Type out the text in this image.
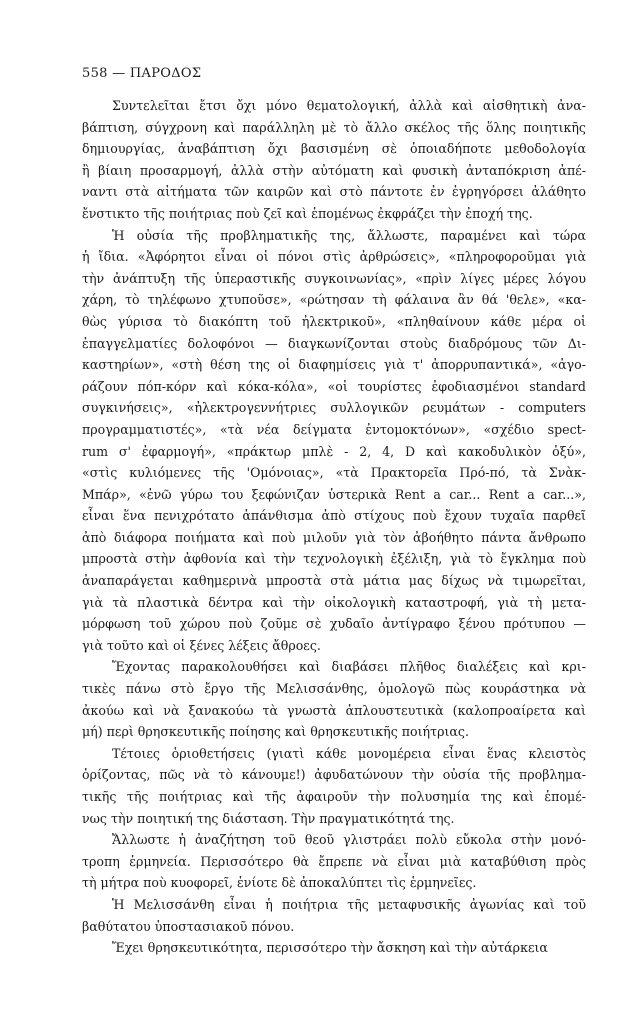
558 — ΠΑΡΟΔΟΣ
Συντελεῖται ἔτσι ὄχι μόνο θεματολογική, ἀλλὰ καὶ αἰσθητικὴ ἀνα-
βάπτιση, σύγχρονη καὶ παράλληλη μὲ τὸ ἄλλο σκέλος τῆς ὅλης ποιητικῆς
δημιουργίας, ἀναβάπτιση ὄχι βασισμένη σὲ ὁποιαδήποτε μεθοδολογία
ἢ βίαιη προσαρμογή, ἀλλὰ στὴν αὐτόματη καὶ φυσικὴ ἀνταπόκριση ἀπέ-
ναντι στὰ αἰτήματα τῶν καιρῶν καὶ στὸ πάντοτε ἐν ἐγρηγόρσει ἀλάθητο
ἔνστικτο τῆς ποιήτριας ποὺ ζεῖ καὶ ἑπομένως ἐκφράζει τὴν ἐποχή της.
Ἡ οὐσία τῆς προβληματικῆς της, ἄλλωστε, παραμένει καὶ τώρα
ἡ ἴδια. «Ἀφόρητοι εἶναι οἱ πόνοι στὶς ἀρθρώσεις», «πληροφοροῦμαι γιὰ
τὴν ἀνάπτυξη τῆς ὑπεραστικῆς συγκοινωνίας», «πρὶν λίγες μέρες λόγου
χάρη, τὸ τηλέφωνο χτυποῦσε», «ρώτησαν τὴ φάλαινα ἂν θά 'θελε», «κα-
θὼς γύρισα τὸ διακόπτη τοῦ ἠλεκτρικοῦ», «πληθαίνουν κάθε μέρα οἱ
ἐπαγγελματίες δολοφόνοι — διαγκωνίζονται στοὺς διαδρόμους τῶν Δι-
καστηρίων», «στὴ θέση της οἱ διαφημίσεις γιὰ τ' ἀπορρυπαντικά», «ἀγο-
ράζουν πόπ-κόρν καὶ κόκα-κόλα», «οἱ τουρίστες ἐφοδιασμένοι standard
συγκινήσεις», «ἠλεκτρογεννήτριες συλλογικῶν ρευμάτων - computers
προγραμματιστές», «τὰ νέα δείγματα ἐντομοκτόνων», «σχέδιο spect-
rum σ' ἐφαρμογή», «πράκτωρ μπλὲ - 2, 4, D καὶ κακοδυλικὸν ὀξύ»,
«στὶς κυλιόμενες τῆς 'Ομόνοιας», «τὰ Πρακτορεῖα Πρό-πό, τὰ Σνὰκ-
Μπάρ», «ἐνῶ γύρω του ξεφώνιζαν ὑστερικὰ Rent a car... Rent a car...»,
εἶναι ἕνα πενιχρότατο ἀπάνθισμα ἀπὸ στίχους ποὺ ἔχουν τυχαῖα παρθεῖ
ἀπὸ διάφορα ποιήματα καὶ ποὺ μιλοῦν γιὰ τὸν ἀβοήθητο πάντα ἄνθρωπο
μπροστὰ στὴν ἀφθονία καὶ τὴν τεχνολογικὴ ἐξέλιξη, γιὰ τὸ ἔγκλημα ποὺ
ἀναπαράγεται καθημερινὰ μπροστὰ στὰ μάτια μας δίχως νὰ τιμωρεῖται,
γιὰ τὰ πλαστικὰ δέντρα καὶ τὴν οἰκολογικὴ καταστροφή, γιὰ τὴ μετα-
μόρφωση τοῦ χώρου ποὺ ζοῦμε σὲ χυδαῖο ἀντίγραφο ξένου πρότυπου —
γιὰ τοῦτο καὶ οἱ ξένες λέξεις ἄθροες.
Ἔχοντας παρακολουθήσει καὶ διαβάσει πλῆθος διαλέξεις καὶ κρι-
τικὲς πάνω στὸ ἔργο τῆς Μελισσάνθης, ὁμολογῶ πὼς κουράστηκα νὰ
ἀκούω καὶ νὰ ξανακούω τὰ γνωστὰ ἁπλουστευτικὰ (καλοπροαίρετα καὶ
μή) περὶ θρησκευτικῆς ποίησης καὶ θρησκευτικῆς ποιήτριας.
Τέτοιες ὁριοθετήσεις (γιατὶ κάθε μονομέρεια εἶναι ἕνας κλειστὸς
ὁρίζοντας, πῶς νὰ τὸ κάνουμε!) ἀφυδατώνουν τὴν οὐσία τῆς προβλημα-
τικῆς τῆς ποιήτριας καὶ τῆς ἀφαιροῦν τὴν πολυσημία της καὶ ἑπομέ-
νως τὴν ποιητική της διάσταση. Τὴν πραγματικότητά της.
Ἄλλωστε ἡ ἀναζήτηση τοῦ θεοῦ γλιστράει πολὺ εὔκολα στὴν μονό-
τροπη ἑρμηνεία. Περισσότερο θὰ ἔπρεπε νὰ εἶναι μιὰ καταβύθιση πρὸς
τὴ μήτρα ποὺ κυοφορεῖ, ἐνίοτε δὲ ἀποκαλύπτει τὶς ἑρμηνεῖες.
Ἡ Μελισσάνθη εἶναι ἡ ποιήτρια τῆς μεταφυσικῆς ἀγωνίας καὶ τοῦ
βαθύτατου ὑποστασιακοῦ πόνου.
Ἔχει θρησκευτικότητα, περισσότερο τὴν ἄσκηση καὶ τὴν αὐτάρκεια
